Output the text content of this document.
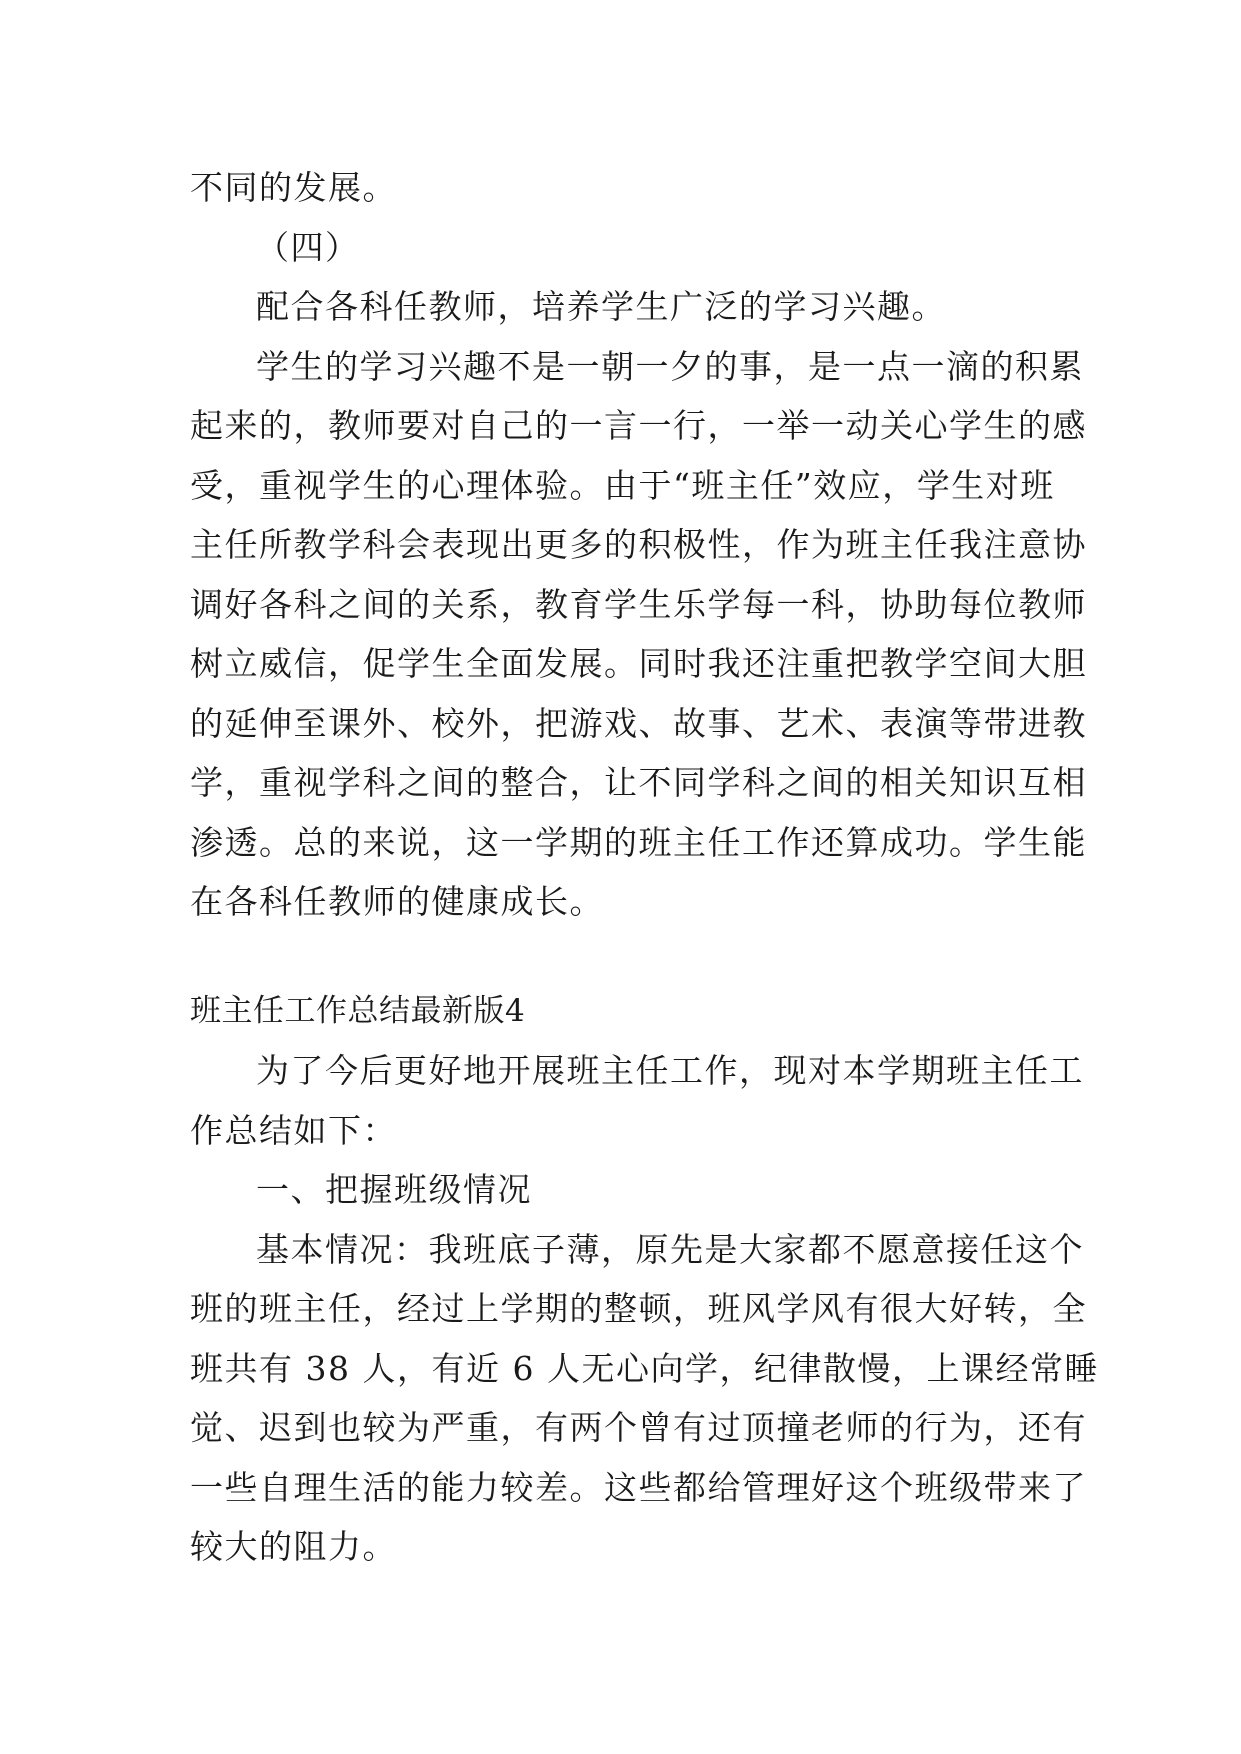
不同的发展。
（四）
配合各科任教师，培养学生广泛的学习兴趣。
学生的学习兴趣不是一朝一夕的事，是一点一滴的积累
起来的，教师要对自己的一言一行，一举一动关心学生的感
受，重视学生的心理体验。由于“班主任”效应，学生对班
主任所教学科会表现出更多的积极性，作为班主任我注意协
调好各科之间的关系，教育学生乐学每一科，协助每位教师
树立威信，促学生全面发展。同时我还注重把教学空间大胆
的延伸至课外、校外，把游戏、故事、艺术、表演等带进教
学，重视学科之间的整合，让不同学科之间的相关知识互相
渗透。总的来说，这一学期的班主任工作还算成功。学生能
在各科任教师的健康成长。
班主任工作总结最新版4
为了今后更好地开展班主任工作，现对本学期班主任工
作总结如下：
一、把握班级情况
基本情况：我班底子薄，原先是大家都不愿意接任这个
班的班主任，经过上学期的整顿，班风学风有很大好转，全
班共有 38 人，有近 6 人无心向学，纪律散慢，上课经常睡
觉、迟到也较为严重，有两个曾有过顶撞老师的行为，还有
一些自理生活的能力较差。这些都给管理好这个班级带来了
较大的阻力。
